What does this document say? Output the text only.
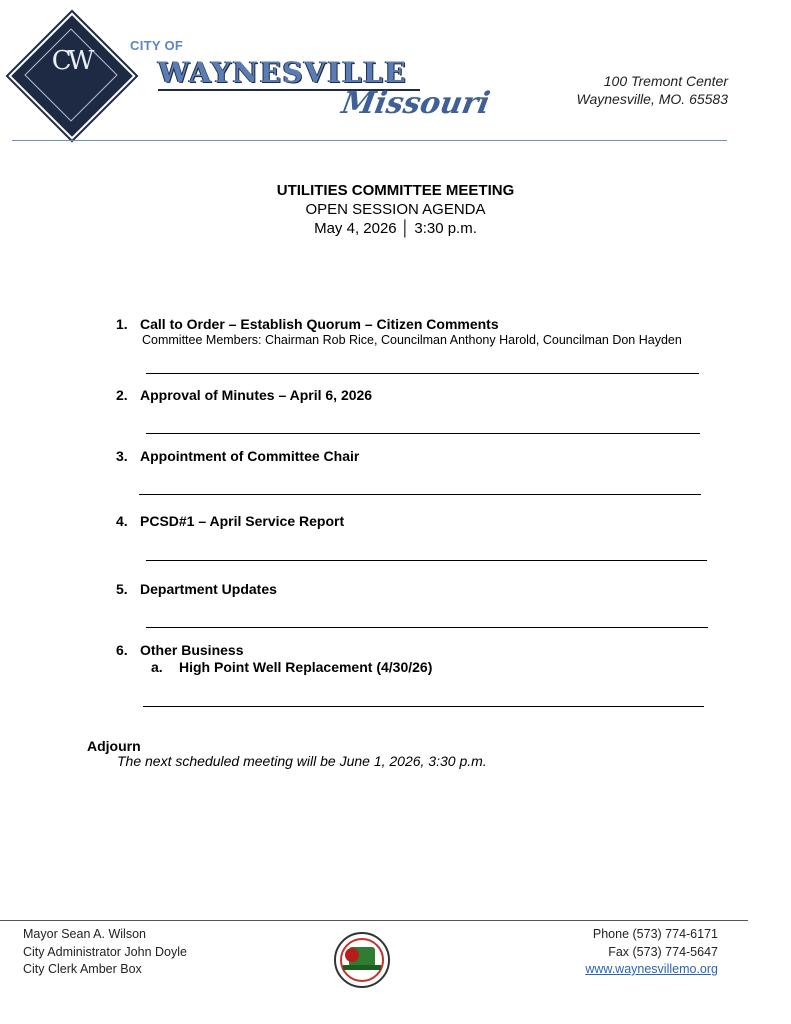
CW
CITY OF
WAYNESVILLE
Missouri
100 Tremont Center
Waynesville, MO. 65583
UTILITIES COMMITTEE MEETING
OPEN SESSION AGENDA
May 4, 2026 │ 3:30 p.m.
1. Call to Order – Establish Quorum – Citizen Comments
Committee Members: Chairman Rob Rice, Councilman Anthony Harold, Councilman Don Hayden
2. Approval of Minutes – April 6, 2026
3. Appointment of Committee Chair
4. PCSD#1 – April Service Report
5. Department Updates
6. Other Business
a. High Point Well Replacement (4/30/26)
Adjourn
The next scheduled meeting will be June 1, 2026, 3:30 p.m.
Mayor Sean A. Wilson
City Administrator John Doyle
City Clerk Amber Box
Phone (573) 774-6171
Fax (573) 774-5647
www.waynesvillemo.org
